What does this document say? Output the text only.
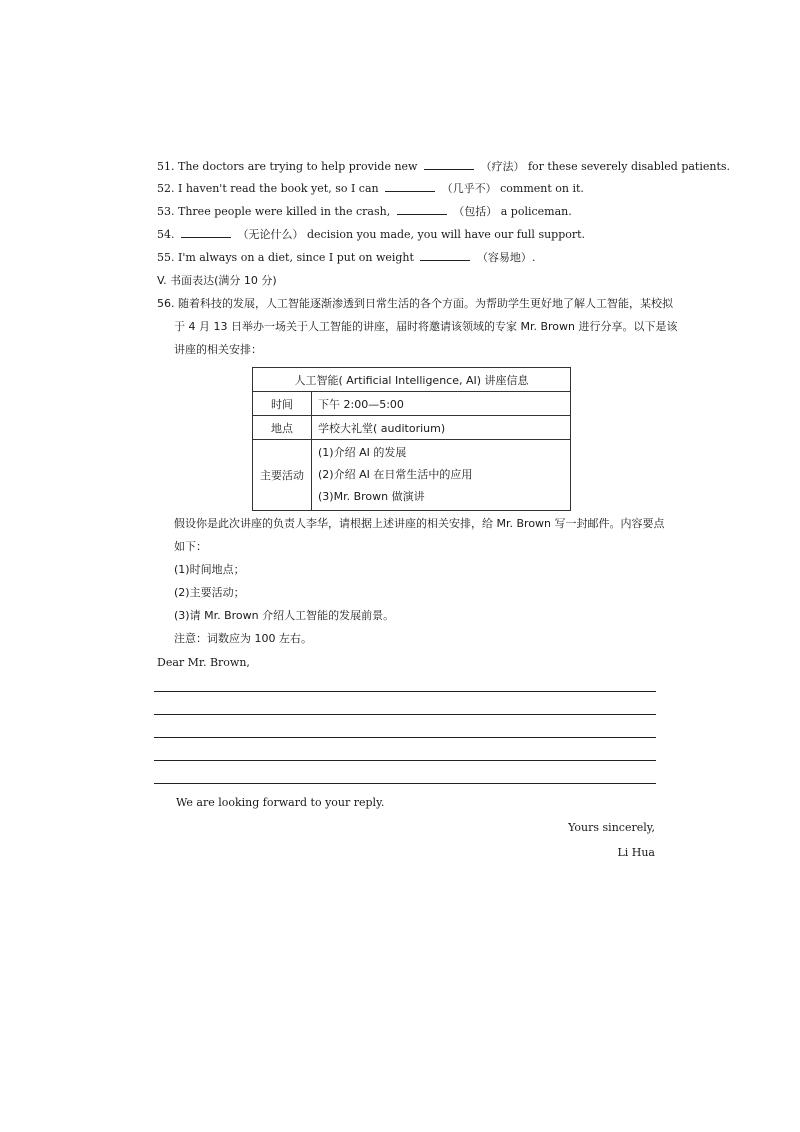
51. The doctors are trying to help provide new	（疗法） for these severely disabled patients.
52. I haven't read the book yet, so I can	（几乎不） comment on it.
53. Three people were killed in the crash,	（包括） a policeman.
54.	（无论什么） decision you made, you will have our full support.
55. I'm always on a diet, since I put on weight	（容易地）.
V. 书面表达(满分 10 分)
56. 随着科技的发展，人工智能逐渐渗透到日常生活的各个方面。为帮助学生更好地了解人工智能，某校拟
于 4 月 13 日举办一场关于人工智能的讲座，届时将邀请该领域的专家 Mr. Brown 进行分享。以下是该
讲座的相关安排：
人工智能( Artificial Intelligence, AI) 讲座信息	
时间	下午 2:00—5:00
地点	学校大礼堂( auditorium)
主要活动	(1)介绍 AI 的发展
(2)介绍 AI 在日常生活中的应用
(3)Mr. Brown 做演讲
假设你是此次讲座的负责人李华，请根据上述讲座的相关安排，给 Mr. Brown 写一封邮件。内容要点
如下：
(1)时间地点；
(2)主要活动；
(3)请 Mr. Brown 介绍人工智能的发展前景。
注意：词数应为 100 左右。
Dear Mr. Brown,
We are looking forward to your reply.
Yours sincerely,
Li Hua
